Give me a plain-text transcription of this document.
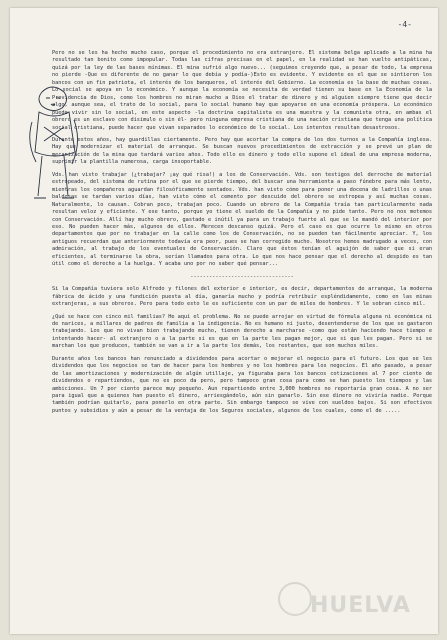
-4-

Pero no se les ha hecho mucho caso, porque el procedimiento no era extranjero. El sistema belga aplicado a la mina ha resultado tan bonito como impopular. Todas las cifras precisas en el papel, en la realidad se han vuelto antipáticas, quizá por la ley de las bases mínimas. El mina sufrió algo nuevo... (seguimos creyendo que, a pesar de todo, la empresa no pierde -Que es diferente de no ganar lo que debía y podía-)Esto es evidente. Y evidente es el que se sintieron los bancos con un fin patriota, el interés de los banqueros, el interés del Gobierno. La economía es la base de muchas cosas. Lo social se apoya en lo económico. Y aunque la economía se necesita de verdad tienen su base en la Economía de la Providencia de Dios, como los hombres no miran mucho a Dios el tratar de dinero y mi alguien siempre tiene que decir algo, aunque sea, el trato de lo social, para lo social humano hay que apoyarse en una economía próspera. Lo económico puede vivir sin lo social, en este aspecto -la doctrina capitalista es una muestra y la comunista otra, en ambas el obrero es un esclavo con disimulo o sin él- pero ninguna empresa cristiana de una nación cristiana que tenga una política social cristiana, puede hacer que vivan separados lo económico de lo social. Los intentos resultan desastrosos.

Durante estos años, hay guardillas ciertamente. Pero hay que acortar la compra de los dos turnos a la Compañía inglesa. Hay que modernizar el material de arranque. Se buscan nuevos procedimientos de extracción y se prevé un plan de mecanización de la mina que tardará varios años. Todo ello es dinero y todo ello supone el ideal de una empresa moderna, suprimir la plantilla numerosa, carga insoportable.

Vds. han visto trabajar (¿trabajar? ¡ay qué risa!) a los de Conservación. Vds. son testigos del derroche de material estropeado, del sistema de rutina por el que se pierde tiempo, del buscar una herramienta a paso fúnebre para más lento, mientras los compañeros aguardan filosóficamente sentados. Vds. han visto cómo para poner una docena de ladrillos o unas baldosas se tardan varios días, han visto cómo el cemento por descuido del obrero se estropea y así muchas cosas. Naturalmente, lo causan. Cobran poco, trabajan poco. Cuando un obrero de la Compañía traía tan particularmente nada resultan veloz y eficiente. Y ese tanto, porque yo tiene el sueldo de la Compañía y no pide tanto. Pero no nos metemos con Conservación. Allí hay mucho obrero, gastado e inútil ya para un trabajo fuerte al que se le mandó del interior por eso. No pueden hacer más, algunos de ellos. Merecen descanso quizá. Pero el caso es que ocurre lo mismo en otros departamentos que por no trabajar en la calle como los de Conservación, no se pueden tan fácilmente apreciar. Y, los antiguos recuerdan que anteriormente todavía era peor, pues se han corregido mucho. Nosotros hemos madrugado a veces, con admiración, al trabajo de los eventuales de Conservación. Claro que éstos tenían el aguijón de saber que si eran eficientes, al terminarse la obra, serían llamados para otra. Lo que nos hace pensar que el derecho al despido es tan útil como el derecho a la huelga. Y acaba uno por no saber qué pensar...

---------------------------------

Si la Compañía tuviera solo Alfredo y filones del exterior e interior, es decir, departamentos de arranque, la moderna fábrica de ácido y una fundición puesta al día, ganaría mucho y podría retribuir espléndidamente, como en las minas extranjeras, a sus obreros. Pero para todo esto le es suficiente con un par de miles de hombres. Y le sobran cinco mil.

¿Qué se hace con cinco mil familias? He aquí el problema. No se puede arrojar en virtud de fórmula alguna ni económica ni de narices, a millares de padres de familia a la indigencia. No es humano ni justo, desentenderse de los que se gastaron trabajando. Los que no vivan bien trabajando mucho, tienen derecho a marcharse -como que están haciendo hace tiempo e intentando hacer- al extranjero o a la parte si es que en la parte les pagan mejor, que si que les pagan. Pero si se marchan los que producen, también se van a ir a la parte los demás, los restantes, que son muchos miles.

Durante años los bancos han renunciado a dividendos para acortar o mejorar el negocio para el futuro. Los que se les dividendos que los negocios se tan de hacer para los hombres y no los hombres para los negocios. El año pasado, a pesar de las amortizaciones y modernización de algún utillaje, ya figuraba para los bancos cotizaciones al 7 por ciento de dividendos o repartiendos, que no es poco da pero, pero tampoco gran cosa para como se han puesto los tiempos y las ambiciones. Un 7 por ciento parece muy pequeño. Aun repartiendo entre 3,000 hombres no reportaría gran cosa. A no ser para igual que a quienes han puesto el dinero, arriesgándolo, aún sin ganarlo. Sin ese dinero no viviría nadie. Porque también podrían quitarlo, para ponerlo en otra parte. Sin embargo tampoco se vive con sueldos bajos. Si son efectivos puntos y subsidios y aún a pesar de la ventaja de los Seguros sociales, algunos de los cuales, como el de .....

HUELVA
